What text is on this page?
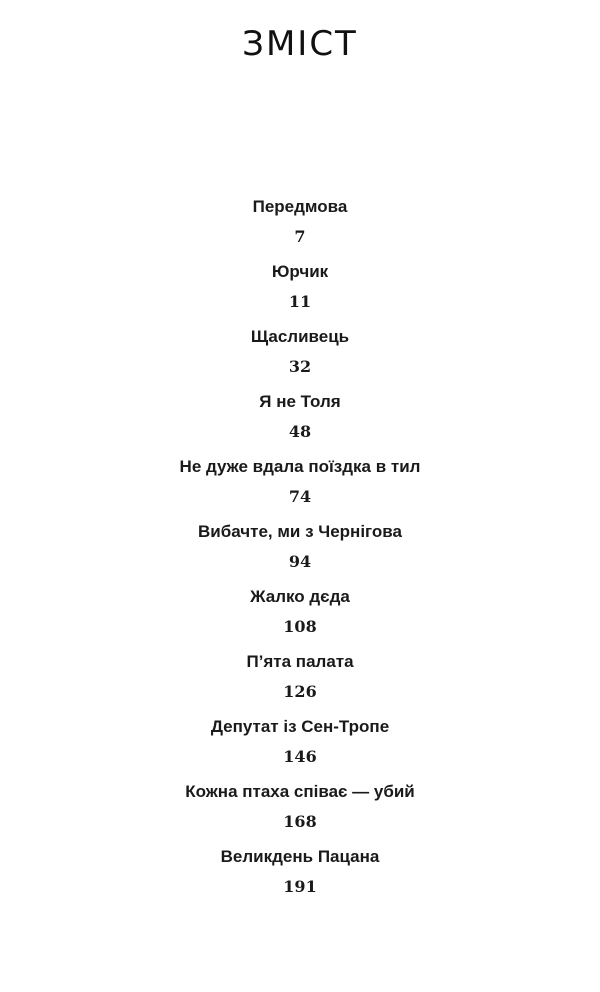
ЗМІСТ
Передмова
7
Юрчик
11
Щасливець
32
Я не Толя
48
Не дуже вдала поїздка в тил
74
Вибачте, ми з Чернігова
94
Жалко дєда
108
П’ята палата
126
Депутат із Сен-Тропе
146
Кожна птаха співає — убий
168
Великдень Пацана
191
